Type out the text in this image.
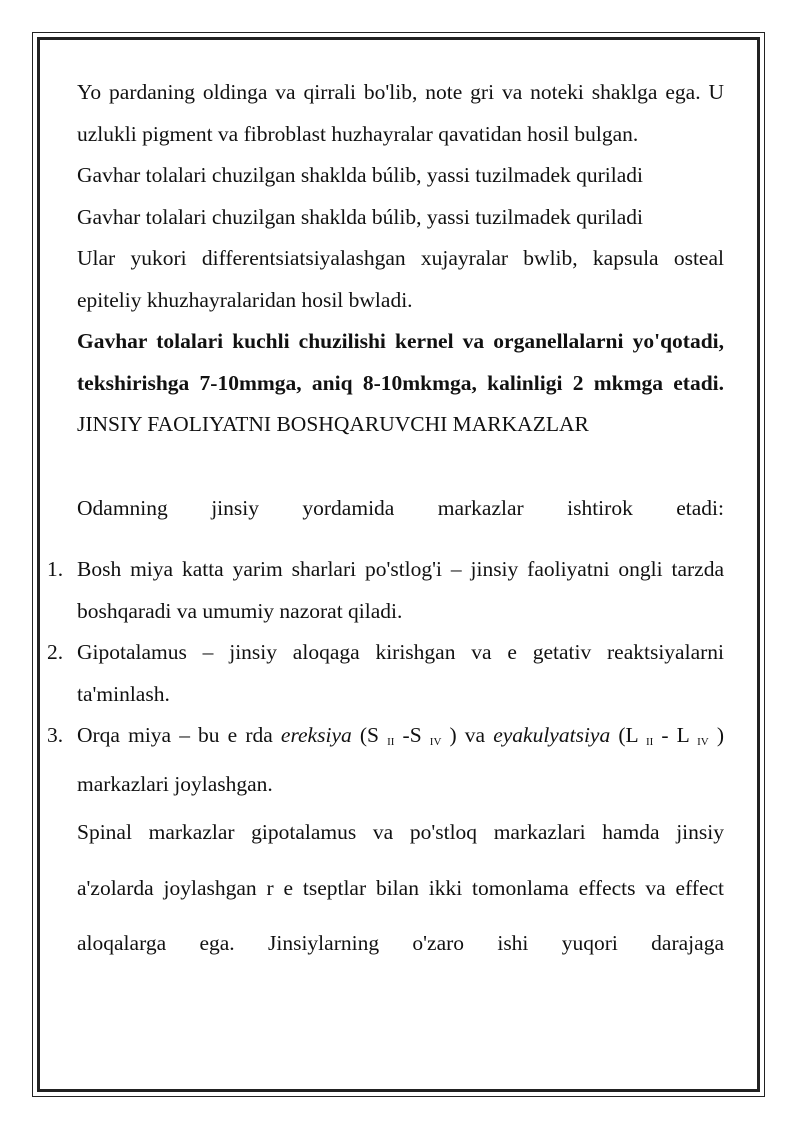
Yo pardaning oldinga va qirrali bo'lib, note gri va noteki shaklga ega. U uzlukli pigment va fibroblast huzhayralar qavatidan hosil bulgan.

Gavhar tolalari chuzilgan shaklda búlib, yassi tuzilmadek quriladi

Gavhar tolalari chuzilgan shaklda búlib, yassi tuzilmadek quriladi

Ular yukori differentsiatsiyalashgan xujayralar bwlib, kapsula osteal epiteliy khuzhayralaridan hosil bwladi.

Gavhar tolalari kuchli chuzilishi kernel va organellalarni yo'qotadi, tekshirishga 7-10mmga, aniq 8-10mkmga, kalinligi 2 mkmga etadi. JINSIY FAOLIYATNI BOSHQARUVCHI MARKAZLAR

Odamning jinsiy yordamida markazlar ishtirok etadi:

1. Bosh miya katta yarim sharlari po'stlog'i – jinsiy faoliyatni ongli tarzda boshqaradi va umumiy nazorat qiladi.
2. Gipotalamus – jinsiy aloqaga kirishgan va e getativ reaktsiyalarni ta'minlash.
3. Orqa miya – bu e rda ereksiya (S $_{II}$ -S $_{IV}$ ) va eyakulyatsiya (L $_{II}$ - L $_{IV}$ ) markazlari joylashgan.

Spinal markazlar gipotalamus va po'stloq markazlari hamda jinsiy a'zolarda joylashgan r e tseptlar bilan ikki tomonlama effects va effect aloqalarga ega. Jinsiylarning o'zaro ishi yuqori darajaga
